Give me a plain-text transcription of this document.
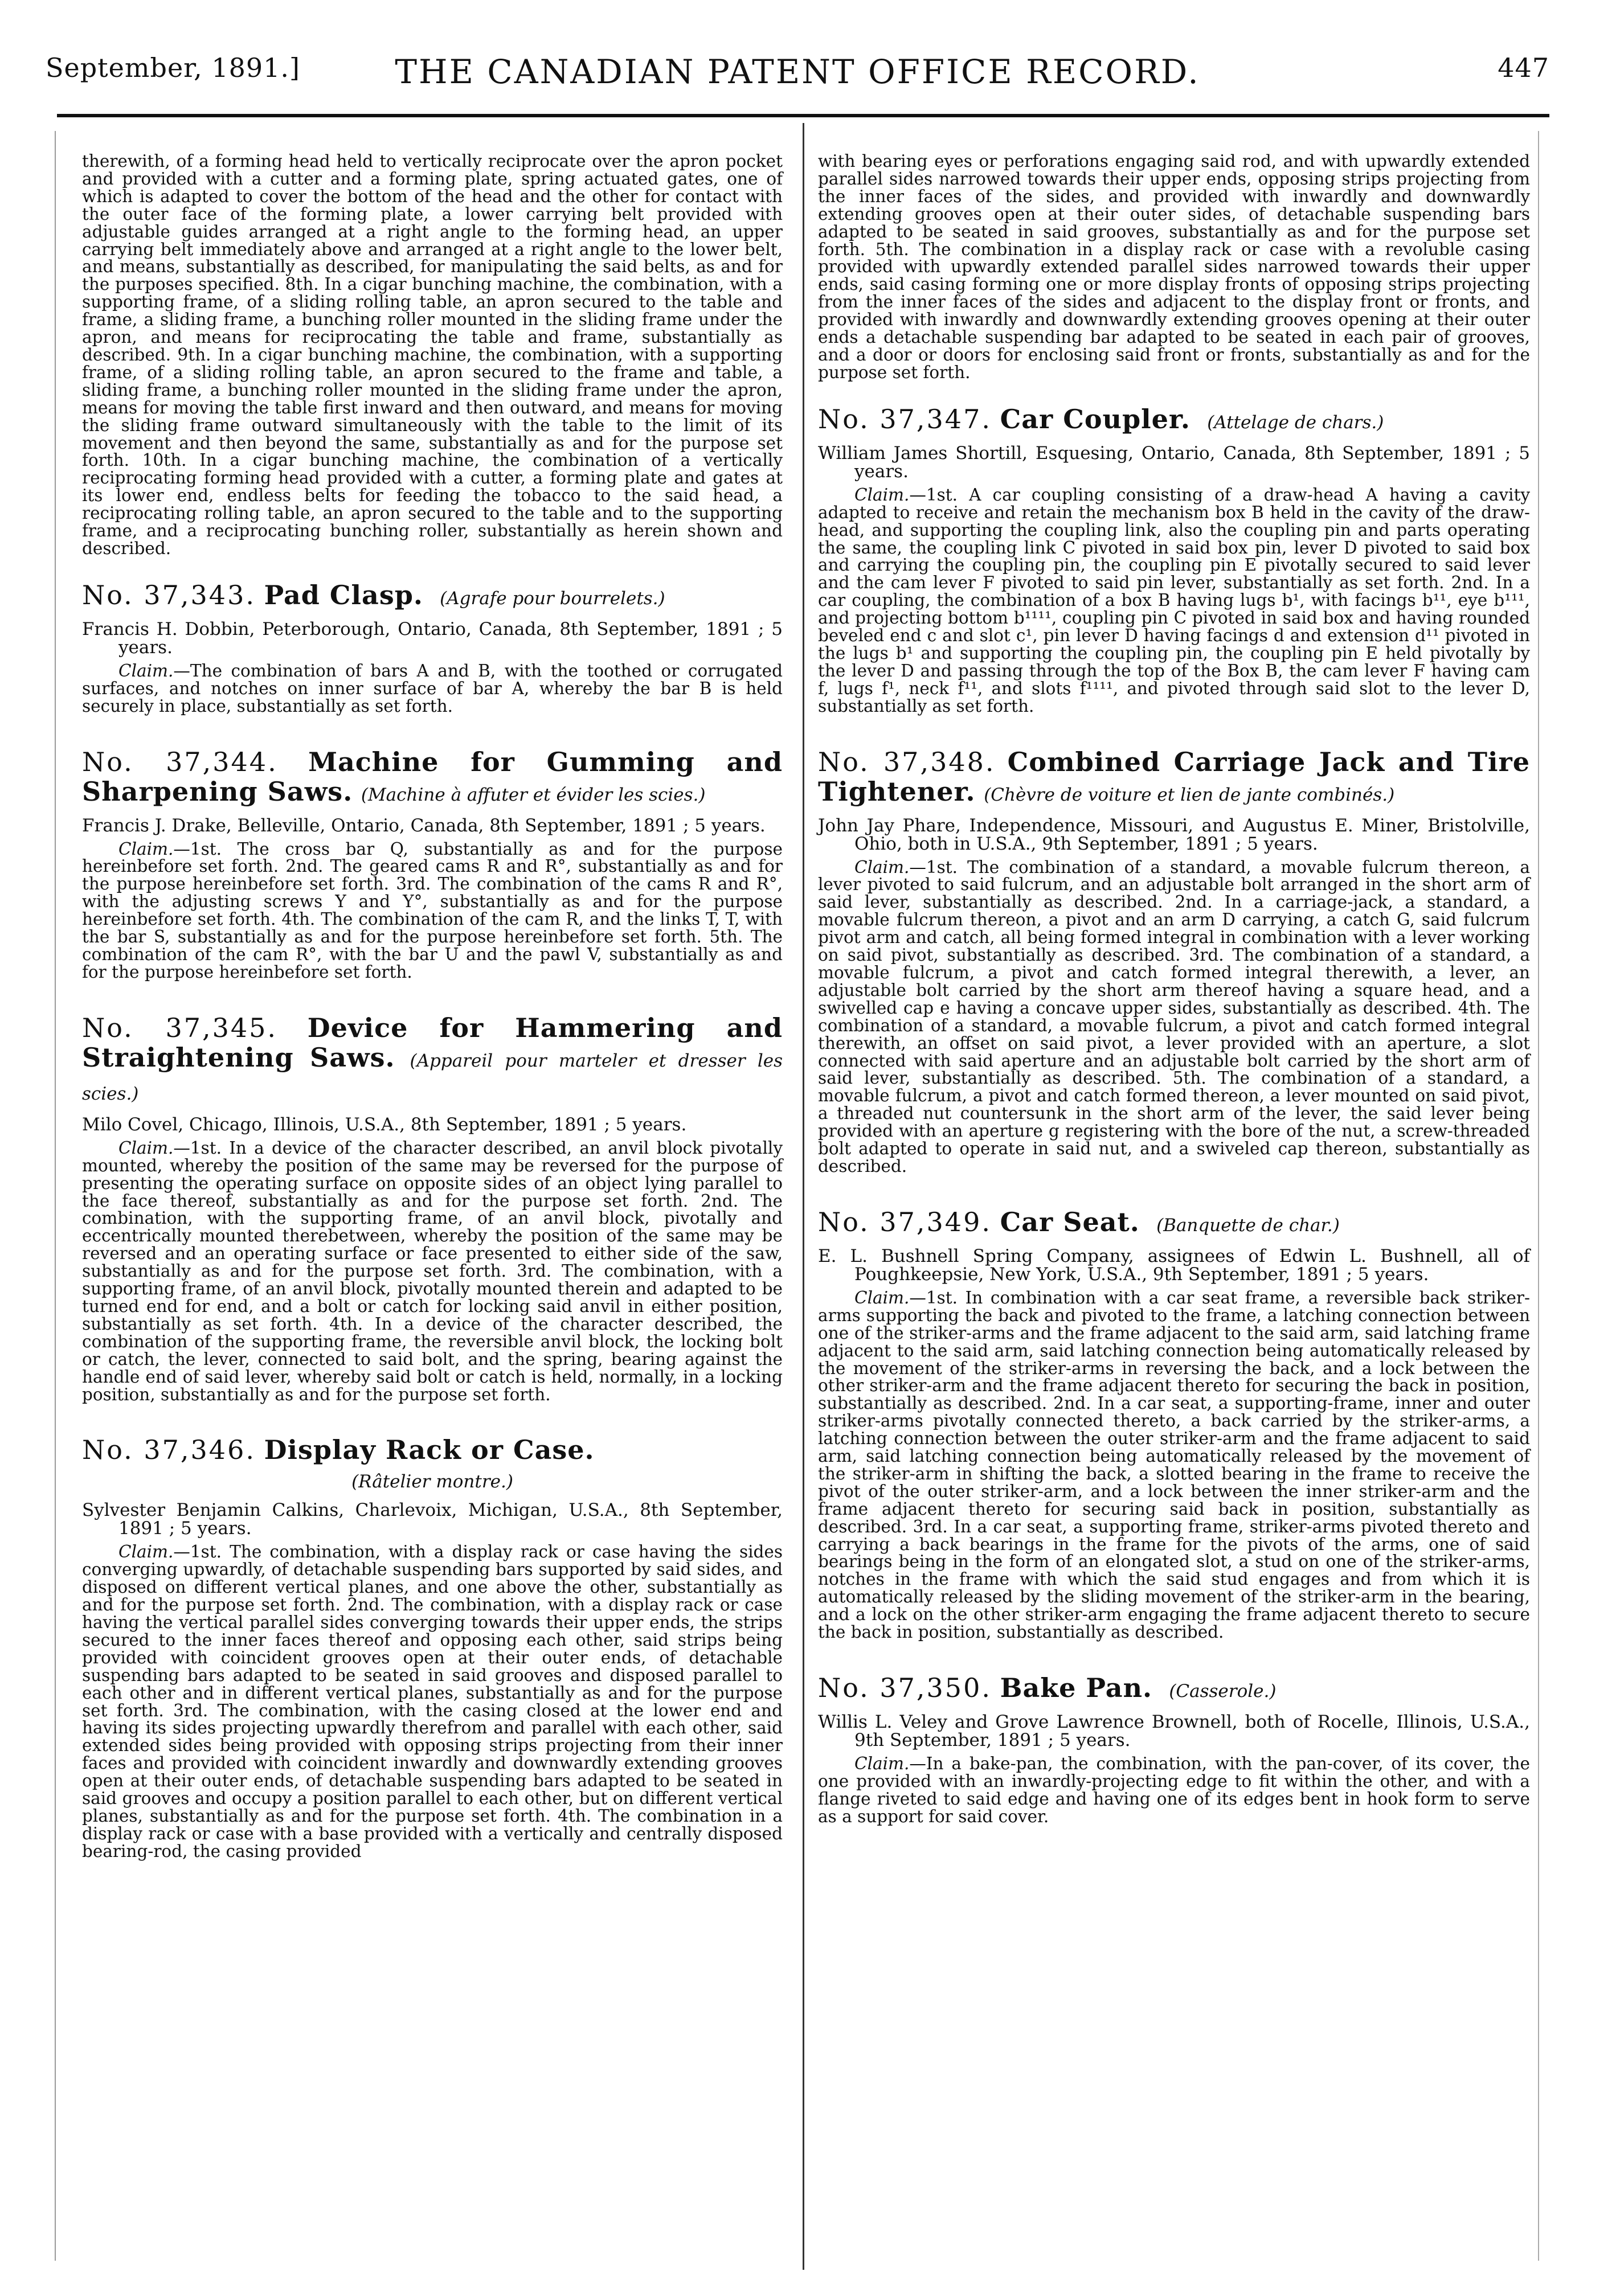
September, 1891.]	THE CANADIAN PATENT OFFICE RECORD.	447

therewith, of a forming head held to vertically reciprocate over the apron pocket and provided with a cutter and a forming plate, spring actuated gates, one of which is adapted to cover the bottom of the head and the other for contact with the outer face of the forming plate, a lower carrying belt provided with adjustable guides arranged at a right angle to the forming head, an upper carrying belt immediately above and arranged at a right angle to the lower belt, and means, substantially as described, for manipulating the said belts, as and for the purposes specified. 8th. In a cigar bunching machine, the combination, with a supporting frame, of a sliding rolling table, an apron secured to the table and frame, a sliding frame, a bunching roller mounted in the sliding frame under the apron, and means for reciprocating the table and frame, substantially as described. 9th. In a cigar bunching machine, the combination, with a supporting frame, of a sliding rolling table, an apron secured to the frame and table, a sliding frame, a bunching roller mounted in the sliding frame under the apron, means for moving the table first inward and then outward, and means for moving the sliding frame outward simultaneously with the table to the limit of its movement and then beyond the same, substantially as and for the purpose set forth. 10th. In a cigar bunching machine, the combination of a vertically reciprocating forming head provided with a cutter, a forming plate and gates at its lower end, endless belts for feeding the tobacco to the said head, a reciprocating rolling table, an apron secured to the table and to the supporting frame, and a reciprocating bunching roller, substantially as herein shown and described.

No. 37,343. Pad Clasp. (Agrafe pour bourrelets.)

Francis H. Dobbin, Peterborough, Ontario, Canada, 8th September, 1891 ; 5 years.

Claim.—The combination of bars A and B, with the toothed or corrugated surfaces, and notches on inner surface of bar A, whereby the bar B is held securely in place, substantially as set forth.

No. 37,344. Machine for Gumming and Sharpening Saws. (Machine à affuter et évider les scies.)

Francis J. Drake, Belleville, Ontario, Canada, 8th September, 1891 ; 5 years.

Claim.—1st. The cross bar Q, substantially as and for the purpose hereinbefore set forth. 2nd. The geared cams R and R°, substantially as and for the purpose hereinbefore set forth. 3rd. The combination of the cams R and R°, with the adjusting screws Y and Y°, substantially as and for the purpose hereinbefore set forth. 4th. The combination of the cam R, and the links T, T, with the bar S, substantially as and for the purpose hereinbefore set forth. 5th. The combination of the cam R°, with the bar U and the pawl V, substantially as and for the purpose hereinbefore set forth.

No. 37,345. Device for Hammering and Straightening Saws. (Appareil pour marteler et dresser les scies.)

Milo Covel, Chicago, Illinois, U.S.A., 8th September, 1891 ; 5 years.

Claim.—1st. In a device of the character described, an anvil block pivotally mounted, whereby the position of the same may be reversed for the purpose of presenting the operating surface on opposite sides of an object lying parallel to the face thereof, substantially as and for the purpose set forth. 2nd. The combination, with the supporting frame, of an anvil block, pivotally and eccentrically mounted therebetween, whereby the position of the same may be reversed and an operating surface or face presented to either side of the saw, substantially as and for the purpose set forth. 3rd. The combination, with a supporting frame, of an anvil block, pivotally mounted therein and adapted to be turned end for end, and a bolt or catch for locking said anvil in either position, substantially as set forth. 4th. In a device of the character described, the combination of the supporting frame, the reversible anvil block, the locking bolt or catch, the lever, connected to said bolt, and the spring, bearing against the handle end of said lever, whereby said bolt or catch is held, normally, in a locking position, substantially as and for the purpose set forth.

No. 37,346. Display Rack or Case.
(Râtelier montre.)

Sylvester Benjamin Calkins, Charlevoix, Michigan, U.S.A., 8th September, 1891 ; 5 years.

Claim.—1st. The combination, with a display rack or case having the sides converging upwardly, of detachable suspending bars supported by said sides, and disposed on different vertical planes, and one above the other, substantially as and for the purpose set forth. 2nd. The combination, with a display rack or case having the vertical parallel sides converging towards their upper ends, the strips secured to the inner faces thereof and opposing each other, said strips being provided with coincident grooves open at their outer ends, of detachable suspending bars adapted to be seated in said grooves and disposed parallel to each other and in different vertical planes, substantially as and for the purpose set forth. 3rd. The combination, with the casing closed at the lower end and having its sides projecting upwardly therefrom and parallel with each other, said extended sides being provided with opposing strips projecting from their inner faces and provided with coincident inwardly and downwardly extending grooves open at their outer ends, of detachable suspending bars adapted to be seated in said grooves and occupy a position parallel to each other, but on different vertical planes, substantially as and for the purpose set forth. 4th. The combination in a display rack or case with a base provided with a vertically and centrally disposed bearing-rod, the casing provided

with bearing eyes or perforations engaging said rod, and with upwardly extended parallel sides narrowed towards their upper ends, opposing strips projecting from the inner faces of the sides, and provided with inwardly and downwardly extending grooves open at their outer sides, of detachable suspending bars adapted to be seated in said grooves, substantially as and for the purpose set forth. 5th. The combination in a display rack or case with a revoluble casing provided with upwardly extended parallel sides narrowed towards their upper ends, said casing forming one or more display fronts of opposing strips projecting from the inner faces of the sides and adjacent to the display front or fronts, and provided with inwardly and downwardly extending grooves opening at their outer ends a detachable suspending bar adapted to be seated in each pair of grooves, and a door or doors for enclosing said front or fronts, substantially as and for the purpose set forth.

No. 37,347. Car Coupler. (Attelage de chars.)

William James Shortill, Esquesing, Ontario, Canada, 8th September, 1891 ; 5 years.

Claim.—1st. A car coupling consisting of a draw-head A having a cavity adapted to receive and retain the mechanism box B held in the cavity of the draw-head, and supporting the coupling link, also the coupling pin and parts operating the same, the coupling link C pivoted in said box pin, lever D pivoted to said box and carrying the coupling pin, the coupling pin E pivotally secured to said lever and the cam lever F pivoted to said pin lever, substantially as set forth. 2nd. In a car coupling, the combination of a box B having lugs b¹, with facings b¹¹, eye b¹¹¹, and projecting bottom b¹¹¹¹, coupling pin C pivoted in said box and having rounded beveled end c and slot c¹, pin lever D having facings d and extension d¹¹ pivoted in the lugs b¹ and supporting the coupling pin, the coupling pin E held pivotally by the lever D and passing through the top of the Box B, the cam lever F having cam f, lugs f¹, neck f¹¹, and slots f¹¹¹¹, and pivoted through said slot to the lever D, substantially as set forth.

No. 37,348. Combined Carriage Jack and Tire Tightener. (Chèvre de voiture et lien de jante combinés.)

John Jay Phare, Independence, Missouri, and Augustus E. Miner, Bristolville, Ohio, both in U.S.A., 9th September, 1891 ; 5 years.

Claim.—1st. The combination of a standard, a movable fulcrum thereon, a lever pivoted to said fulcrum, and an adjustable bolt arranged in the short arm of said lever, substantially as described. 2nd. In a carriage-jack, a standard, a movable fulcrum thereon, a pivot and an arm D carrying, a catch G, said fulcrum pivot arm and catch, all being formed integral in combination with a lever working on said pivot, substantially as described. 3rd. The combination of a standard, a movable fulcrum, a pivot and catch formed integral therewith, a lever, an adjustable bolt carried by the short arm thereof having a square head, and a swivelled cap e having a concave upper sides, substantially as described. 4th. The combination of a standard, a movable fulcrum, a pivot and catch formed integral therewith, an offset on said pivot, a lever provided with an aperture, a slot connected with said aperture and an adjustable bolt carried by the short arm of said lever, substantially as described. 5th. The combination of a standard, a movable fulcrum, a pivot and catch formed thereon, a lever mounted on said pivot, a threaded nut countersunk in the short arm of the lever, the said lever being provided with an aperture g registering with the bore of the nut, a screw-threaded bolt adapted to operate in said nut, and a swiveled cap thereon, substantially as described.

No. 37,349. Car Seat. (Banquette de char.)

E. L. Bushnell Spring Company, assignees of Edwin L. Bushnell, all of Poughkeepsie, New York, U.S.A., 9th September, 1891 ; 5 years.

Claim.—1st. In combination with a car seat frame, a reversible back striker-arms supporting the back and pivoted to the frame, a latching connection between one of the striker-arms and the frame adjacent to the said arm, said latching frame adjacent to the said arm, said latching connection being automatically released by the movement of the striker-arms in reversing the back, and a lock between the other striker-arm and the frame adjacent thereto for securing the back in position, substantially as described. 2nd. In a car seat, a supporting-frame, inner and outer striker-arms pivotally connected thereto, a back carried by the striker-arms, a latching connection between the outer striker-arm and the frame adjacent to said arm, said latching connection being automatically released by the movement of the striker-arm in shifting the back, a slotted bearing in the frame to receive the pivot of the outer striker-arm, and a lock between the inner striker-arm and the frame adjacent thereto for securing said back in position, substantially as described. 3rd. In a car seat, a supporting frame, striker-arms pivoted thereto and carrying a back bearings in the frame for the pivots of the arms, one of said bearings being in the form of an elongated slot, a stud on one of the striker-arms, notches in the frame with which the said stud engages and from which it is automatically released by the sliding movement of the striker-arm in the bearing, and a lock on the other striker-arm engaging the frame adjacent thereto to secure the back in position, substantially as described.

No. 37,350. Bake Pan. (Casserole.)

Willis L. Veley and Grove Lawrence Brownell, both of Rocelle, Illinois, U.S.A., 9th September, 1891 ; 5 years.

Claim.—In a bake-pan, the combination, with the pan-cover, of its cover, the one provided with an inwardly-projecting edge to fit within the other, and with a flange riveted to said edge and having one of its edges bent in hook form to serve as a support for said cover.
